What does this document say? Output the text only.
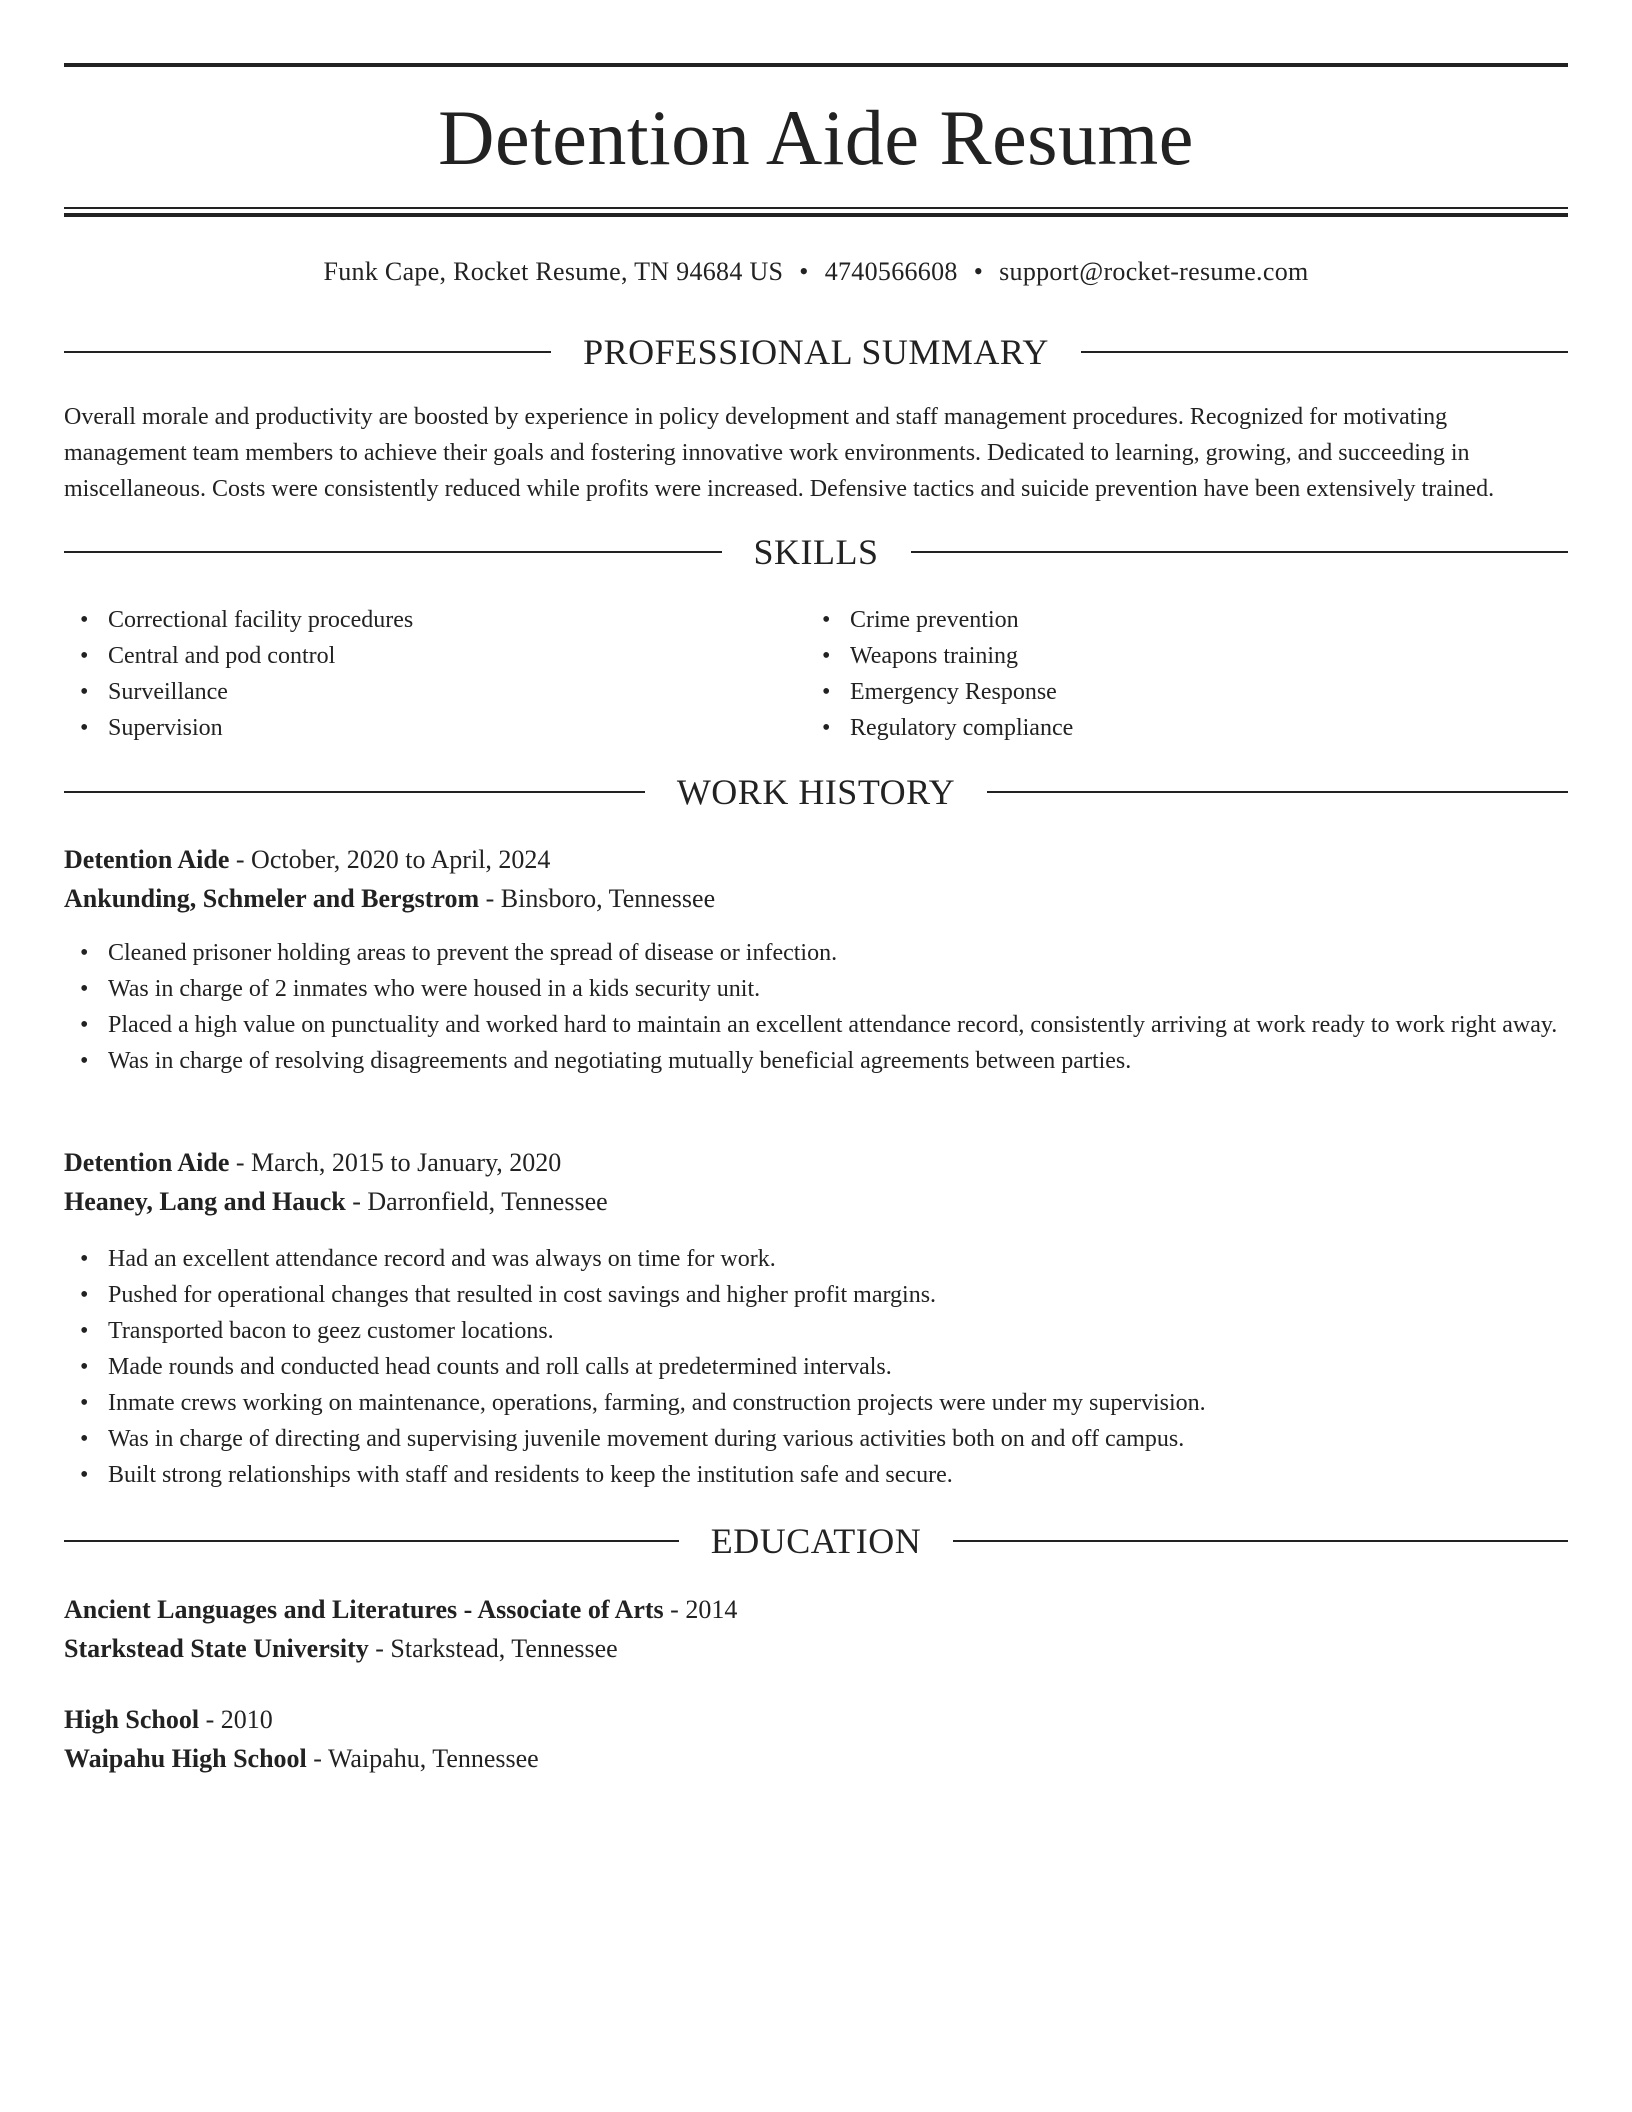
Detention Aide Resume
Funk Cape, Rocket Resume, TN 94684 US • 4740566608 • support@rocket-resume.com
PROFESSIONAL SUMMARY

Overall morale and productivity are boosted by experience in policy development and staff management procedures. Recognized for motivating management team members to achieve their goals and fostering innovative work environments. Dedicated to learning, growing, and succeeding in miscellaneous. Costs were consistently reduced while profits were increased. Defensive tactics and suicide prevention have been extensively trained.

SKILLS
• Correctional facility procedures
• Central and pod control
• Surveillance
• Supervision
• Crime prevention
• Weapons training
• Emergency Response
• Regulatory compliance
WORK HISTORY
Detention Aide - October, 2020 to April, 2024
Ankunding, Schmeler and Bergstrom - Binsboro, Tennessee
• Cleaned prisoner holding areas to prevent the spread of disease or infection.
• Was in charge of 2 inmates who were housed in a kids security unit.
• Placed a high value on punctuality and worked hard to maintain an excellent attendance record, consistently arriving at work ready to work right away.
• Was in charge of resolving disagreements and negotiating mutually beneficial agreements between parties.
Detention Aide - March, 2015 to January, 2020
Heaney, Lang and Hauck - Darronfield, Tennessee
• Had an excellent attendance record and was always on time for work.
• Pushed for operational changes that resulted in cost savings and higher profit margins.
• Transported bacon to geez customer locations.
• Made rounds and conducted head counts and roll calls at predetermined intervals.
• Inmate crews working on maintenance, operations, farming, and construction projects were under my supervision.
• Was in charge of directing and supervising juvenile movement during various activities both on and off campus.
• Built strong relationships with staff and residents to keep the institution safe and secure.
EDUCATION
Ancient Languages and Literatures - Associate of Arts - 2014
Starkstead State University - Starkstead, Tennessee
High School - 2010
Waipahu High School - Waipahu, Tennessee
